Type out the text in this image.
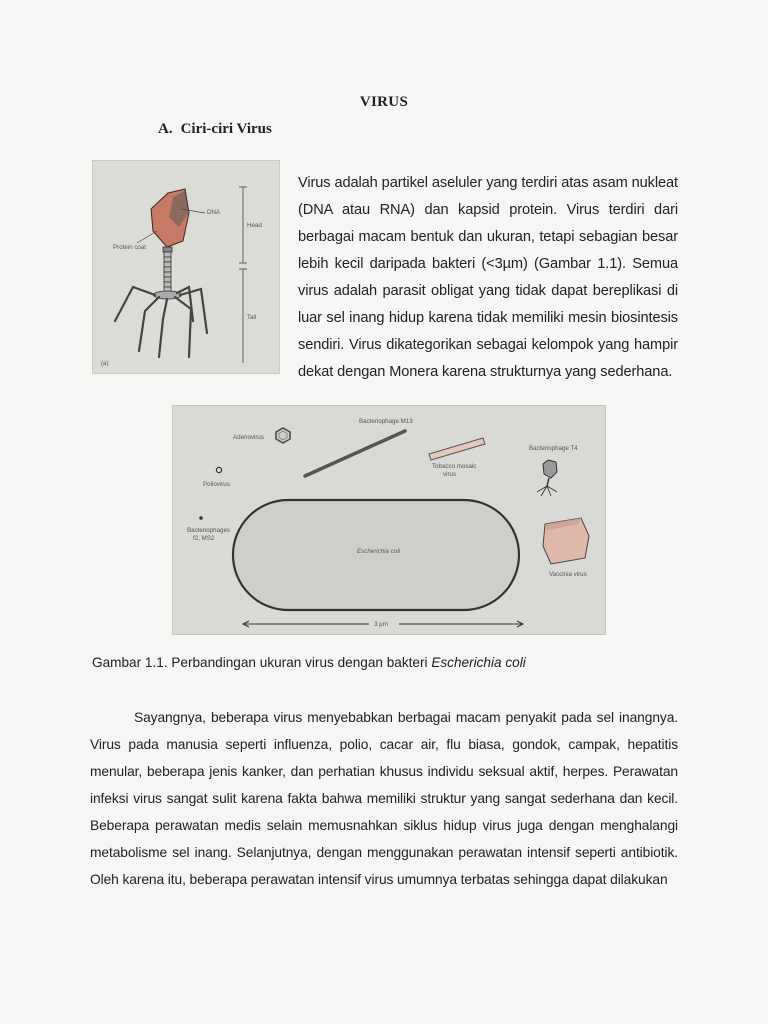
VIRUS
A. Ciri-ciri Virus
DNA
Protein coat
Head
Tail
(a)
Virus adalah partikel aseluler yang terdiri atas asam nukleat (DNA atau RNA) dan kapsid protein. Virus terdiri dari berbagai macam bentuk dan ukuran, tetapi sebagian besar lebih kecil daripada bakteri (<3µm) (Gambar 1.1). Semua virus adalah parasit obligat yang tidak dapat bereplikasi di luar sel inang hidup karena tidak memiliki mesin biosintesis sendiri. Virus dikategorikan sebagai kelompok yang hampir dekat dengan Monera karena strukturnya yang sederhana.
Adenovirus
Bacteriophage M13
Tobacco mosaic
virus
Bacteriophage T4
Poliovirus
Bacteriophages
f2, MS2
Escherichia coli
Vaccinia virus
3 µm
Gambar 1.1. Perbandingan ukuran virus dengan bakteri Escherichia coli
Sayangnya, beberapa virus menyebabkan berbagai macam penyakit pada sel inangnya. Virus pada manusia seperti influenza, polio, cacar air, flu biasa, gondok, campak, hepatitis menular, beberapa jenis kanker, dan perhatian khusus individu seksual aktif, herpes. Perawatan infeksi virus sangat sulit karena fakta bahwa memiliki struktur yang sangat sederhana dan kecil. Beberapa perawatan medis selain memusnahkan siklus hidup virus juga dengan menghalangi metabolisme sel inang. Selanjutnya, dengan menggunakan perawatan intensif seperti antibiotik. Oleh karena itu, beberapa perawatan intensif virus umumnya terbatas sehingga dapat dilakukan
